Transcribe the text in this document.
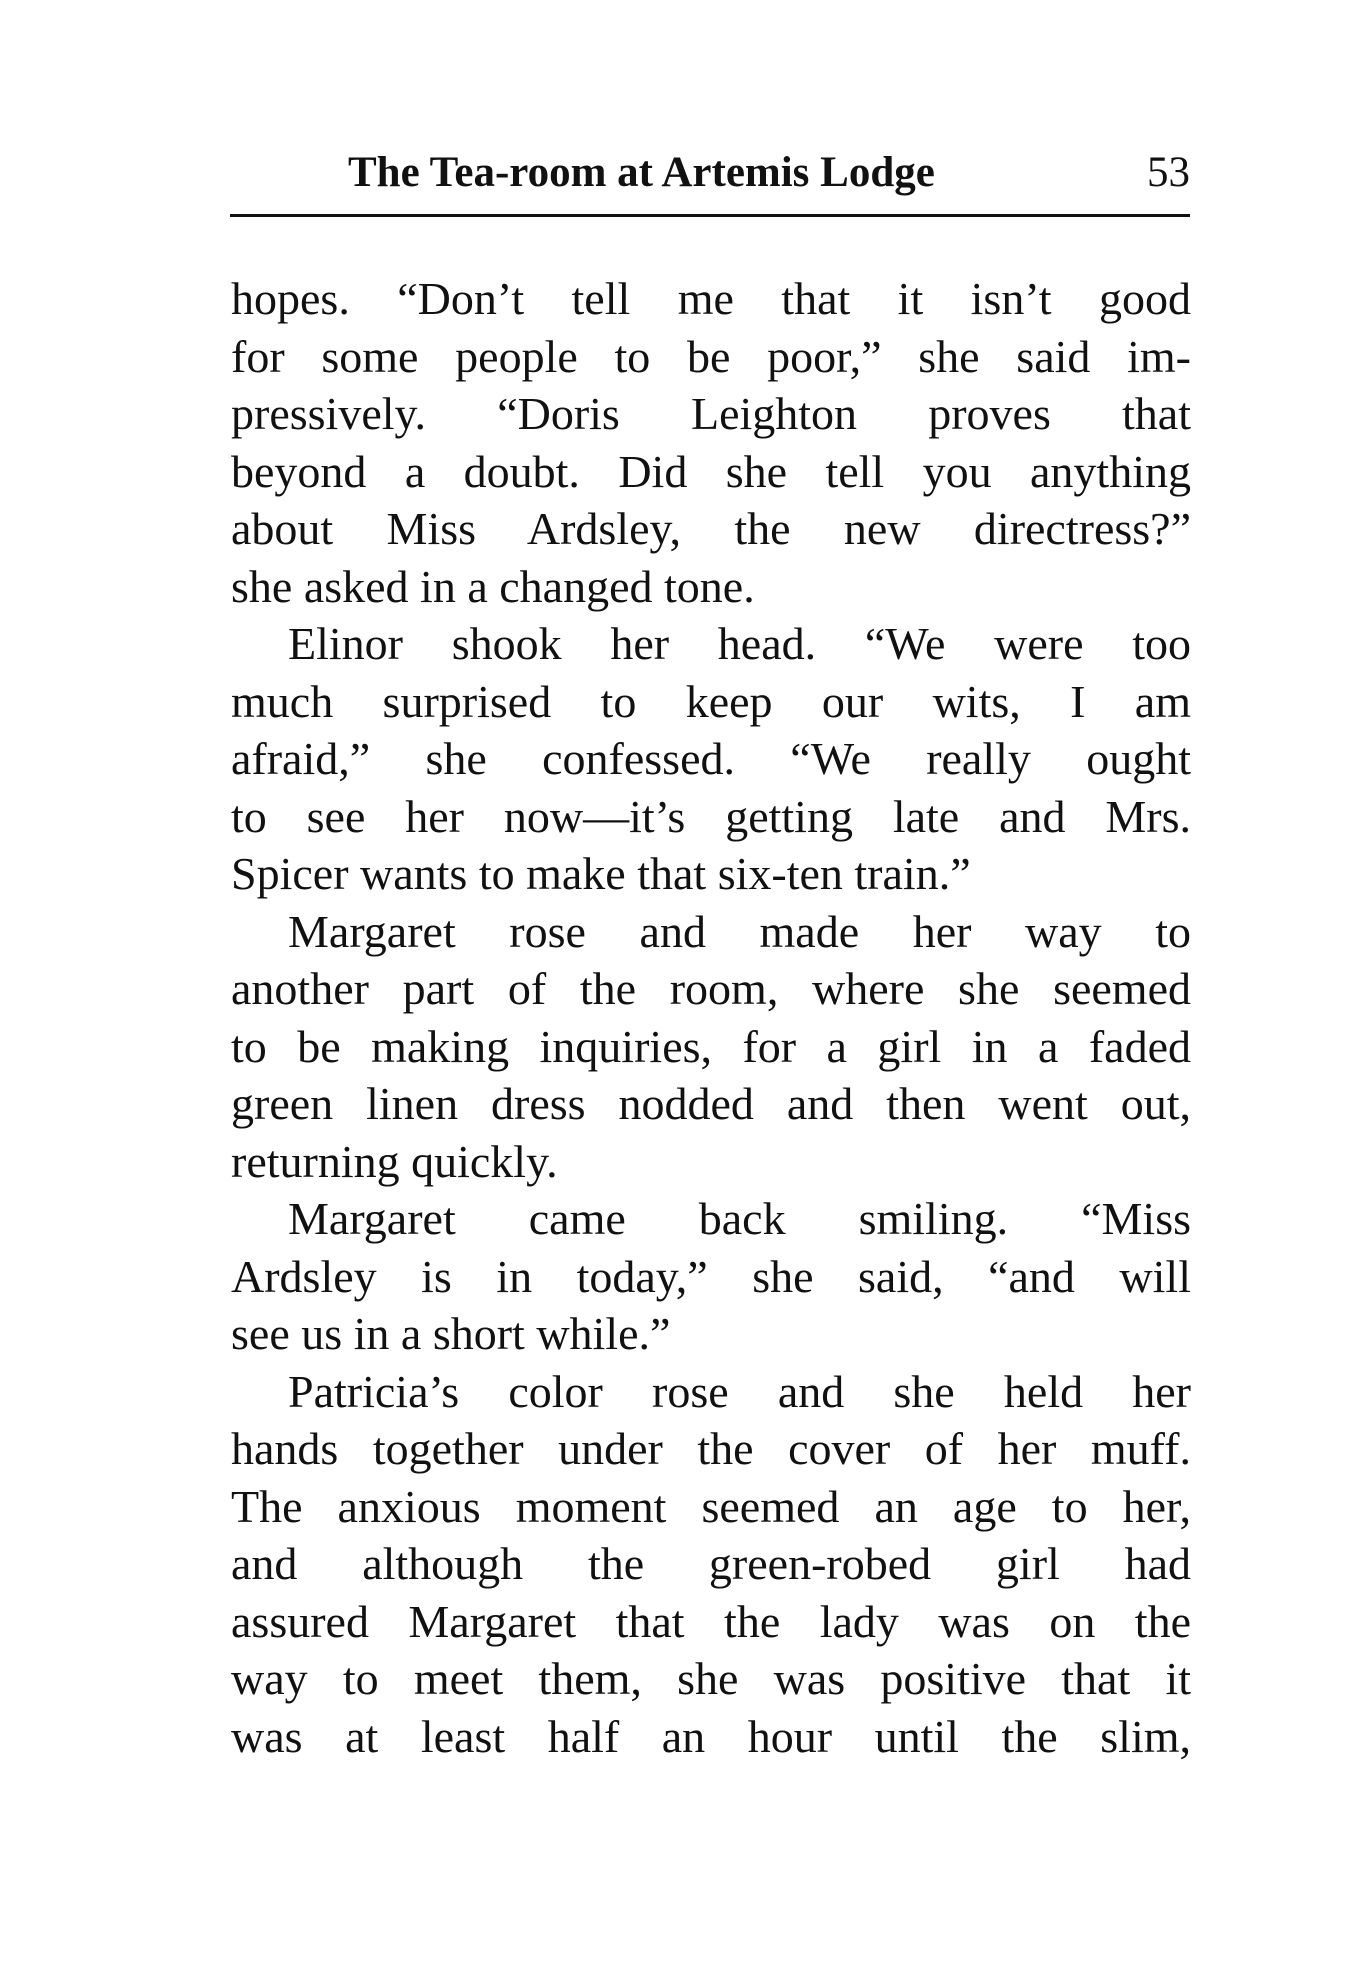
The Tea-room at Artemis Lodge	53
hopes. “Don’t tell me that it isn’t good
for some people to be poor,” she said im-
pressively. “Doris Leighton proves that
beyond a doubt. Did she tell you anything
about Miss Ardsley, the new directress?”
she asked in a changed tone.
Elinor shook her head. “We were too
much surprised to keep our wits, I am
afraid,” she confessed. “We really ought
to see her now—it’s getting late and Mrs.
Spicer wants to make that six-ten train.”
Margaret rose and made her way to
another part of the room, where she seemed
to be making inquiries, for a girl in a faded
green linen dress nodded and then went out,
returning quickly.
Margaret came back smiling. “Miss
Ardsley is in today,” she said, “and will
see us in a short while.”
Patricia’s color rose and she held her
hands together under the cover of her muff.
The anxious moment seemed an age to her,
and although the green-robed girl had
assured Margaret that the lady was on the
way to meet them, she was positive that it
was at least half an hour until the slim,
